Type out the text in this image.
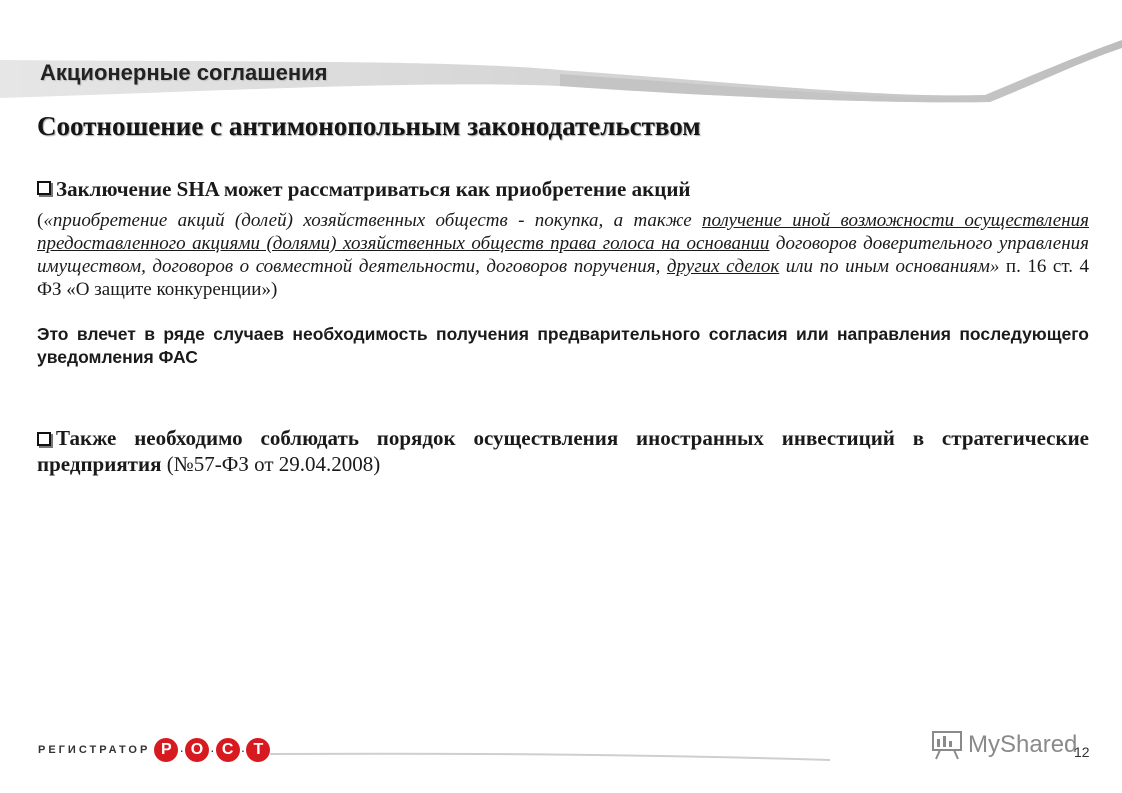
Акционерные соглашения
Соотношение с антимонопольным законодательством
Заключение SHA может рассматриваться как приобретение акций
(«приобретение акций (долей) хозяйственных обществ - покупка, а также получение иной возможности осуществления предоставленного акциями (долями) хозяйственных обществ права голоса на основании договоров доверительного управления имуществом, договоров о совместной деятельности, договоров поручения, других сделок или по иным основаниям» п. 16 ст. 4 ФЗ «О защите конкуренции»)
Это влечет в ряде случаев необходимость получения предварительного согласия или направления последующего уведомления ФАС
Также необходимо соблюдать порядок осуществления иностранных инвестиций в стратегические предприятия (№57-ФЗ от 29.04.2008)
РЕГИСТРАТОР Р · О · С · Т	MyShared
12
